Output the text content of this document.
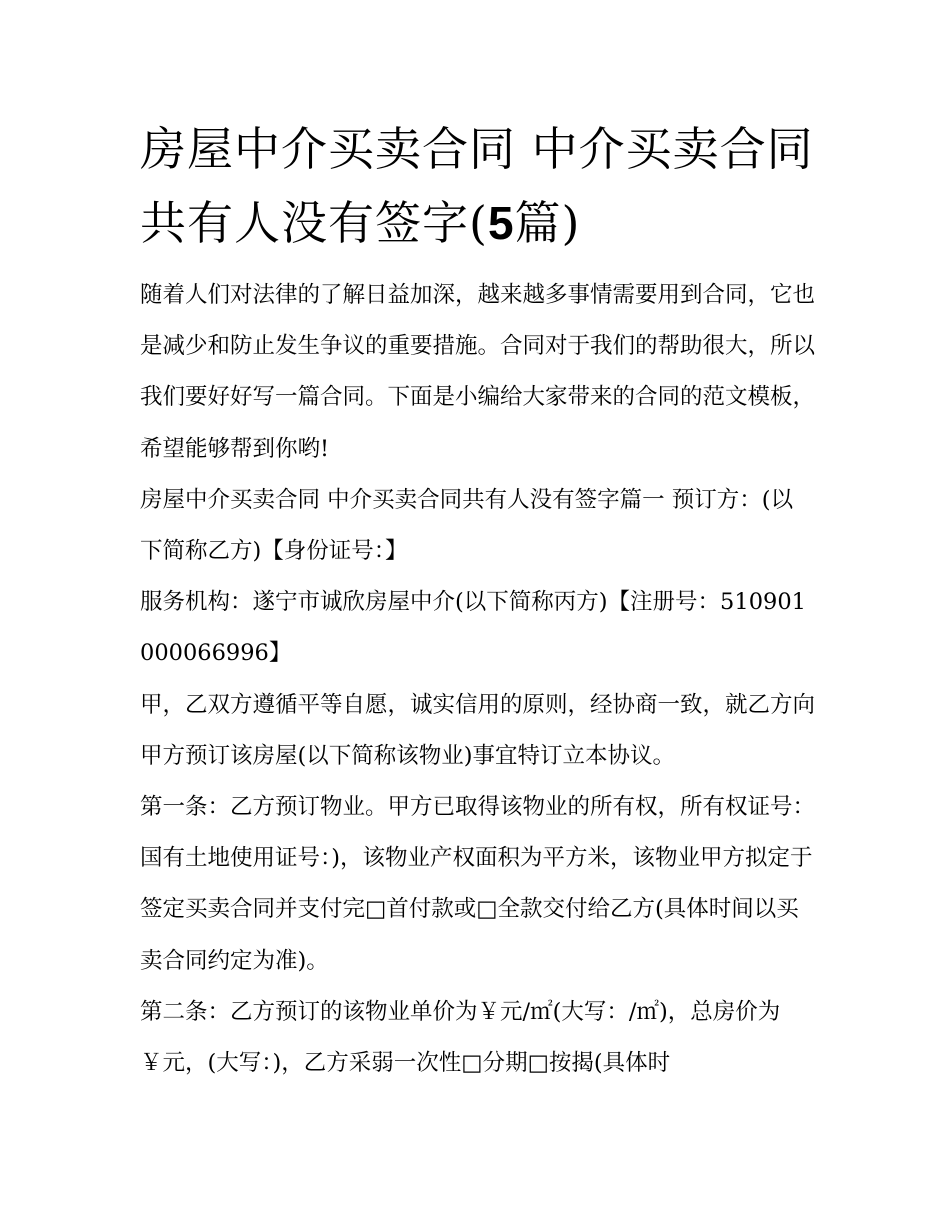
房屋中介买卖合同 中介买卖合同共有人没有签字(5篇)

随着人们对法律的了解日益加深，越来越多事情需要用到合同，它也是减少和防止发生争议的重要措施。合同对于我们的帮助很大，所以我们要好好写一篇合同。下面是小编给大家带来的合同的范文模板，希望能够帮到你哟!

房屋中介买卖合同 中介买卖合同共有人没有签字篇一 预订方：(以下简称乙方)【身份证号：】

服务机构：遂宁市诚欣房屋中介(以下简称丙方)【注册号：510901000066996】

甲，乙双方遵循平等自愿，诚实信用的原则，经协商一致，就乙方向甲方预订该房屋(以下简称该物业)事宜特订立本协议。

第一条：乙方预订物业。甲方已取得该物业的所有权，所有权证号：国有土地使用证号：)，该物业产权面积为平方米，该物业甲方拟定于签定买卖合同并支付完□首付款或□全款交付给乙方(具体时间以买卖合同约定为准)。

第二条：乙方预订的该物业单价为￥元/㎡(大写：/㎡)，总房价为￥元，(大写：)，乙方采弱一次性□分期□按揭(具体时
